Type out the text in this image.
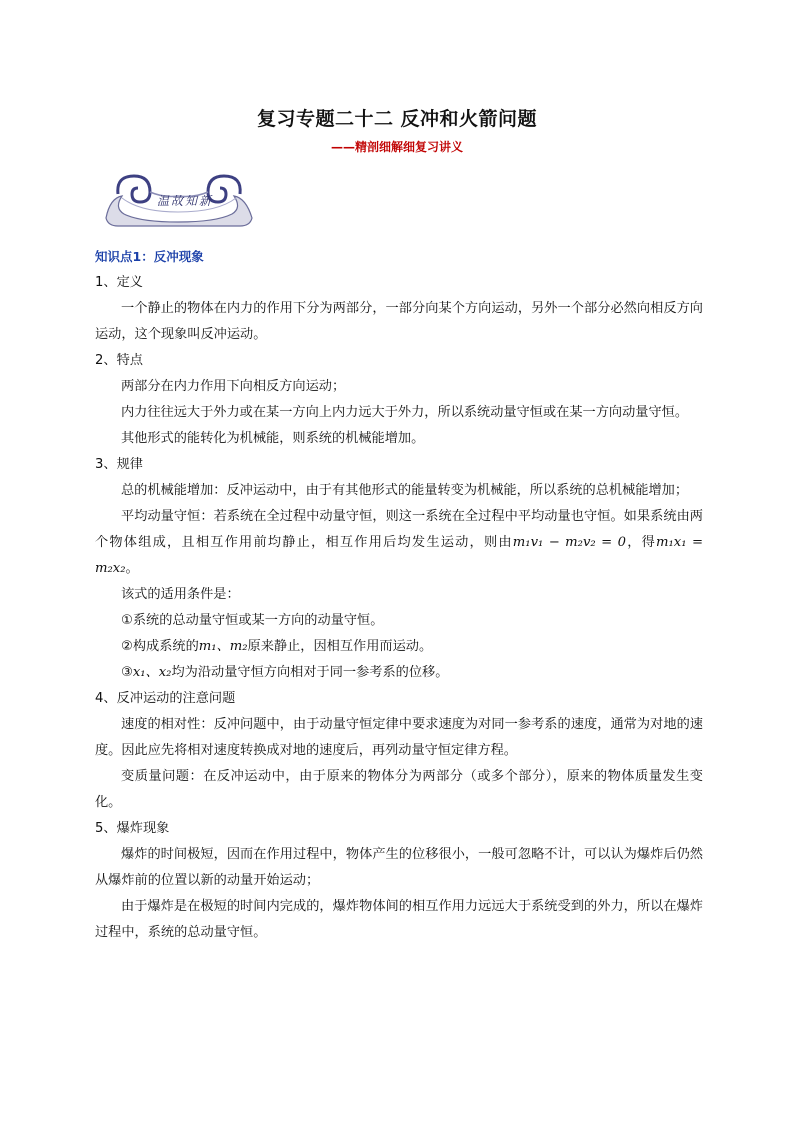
复习专题二十二 反冲和火箭问题
——精剖细解细复习讲义
温故知新

知识点1：反冲现象

1、定义

一个静止的物体在内力的作用下分为两部分，一部分向某个方向运动，另外一个部分必然向相反方向运动，这个现象叫反冲运动。

2、特点

两部分在内力作用下向相反方向运动；

内力往往远大于外力或在某一方向上内力远大于外力，所以系统动量守恒或在某一方向动量守恒。

其他形式的能转化为机械能，则系统的机械能增加。

3、规律

总的机械能增加：反冲运动中，由于有其他形式的能量转变为机械能，所以系统的总机械能增加；

平均动量守恒：若系统在全过程中动量守恒，则这一系统在全过程中平均动量也守恒。如果系统由两个物体组成，且相互作用前均静止，相互作用后均发生运动，则由m₁v₁ − m₂v₂ = 0，得m₁x₁ = m₂x₂。

该式的适用条件是：

①系统的总动量守恒或某一方向的动量守恒。

②构成系统的m₁、m₂原来静止，因相互作用而运动。

③x₁、x₂均为沿动量守恒方向相对于同一参考系的位移。

4、反冲运动的注意问题

速度的相对性：反冲问题中，由于动量守恒定律中要求速度为对同一参考系的速度，通常为对地的速度。因此应先将相对速度转换成对地的速度后，再列动量守恒定律方程。

变质量问题：在反冲运动中，由于原来的物体分为两部分（或多个部分），原来的物体质量发生变化。

5、爆炸现象

爆炸的时间极短，因而在作用过程中，物体产生的位移很小，一般可忽略不计，可以认为爆炸后仍然从爆炸前的位置以新的动量开始运动；

由于爆炸是在极短的时间内完成的，爆炸物体间的相互作用力远远大于系统受到的外力，所以在爆炸过程中，系统的总动量守恒。
